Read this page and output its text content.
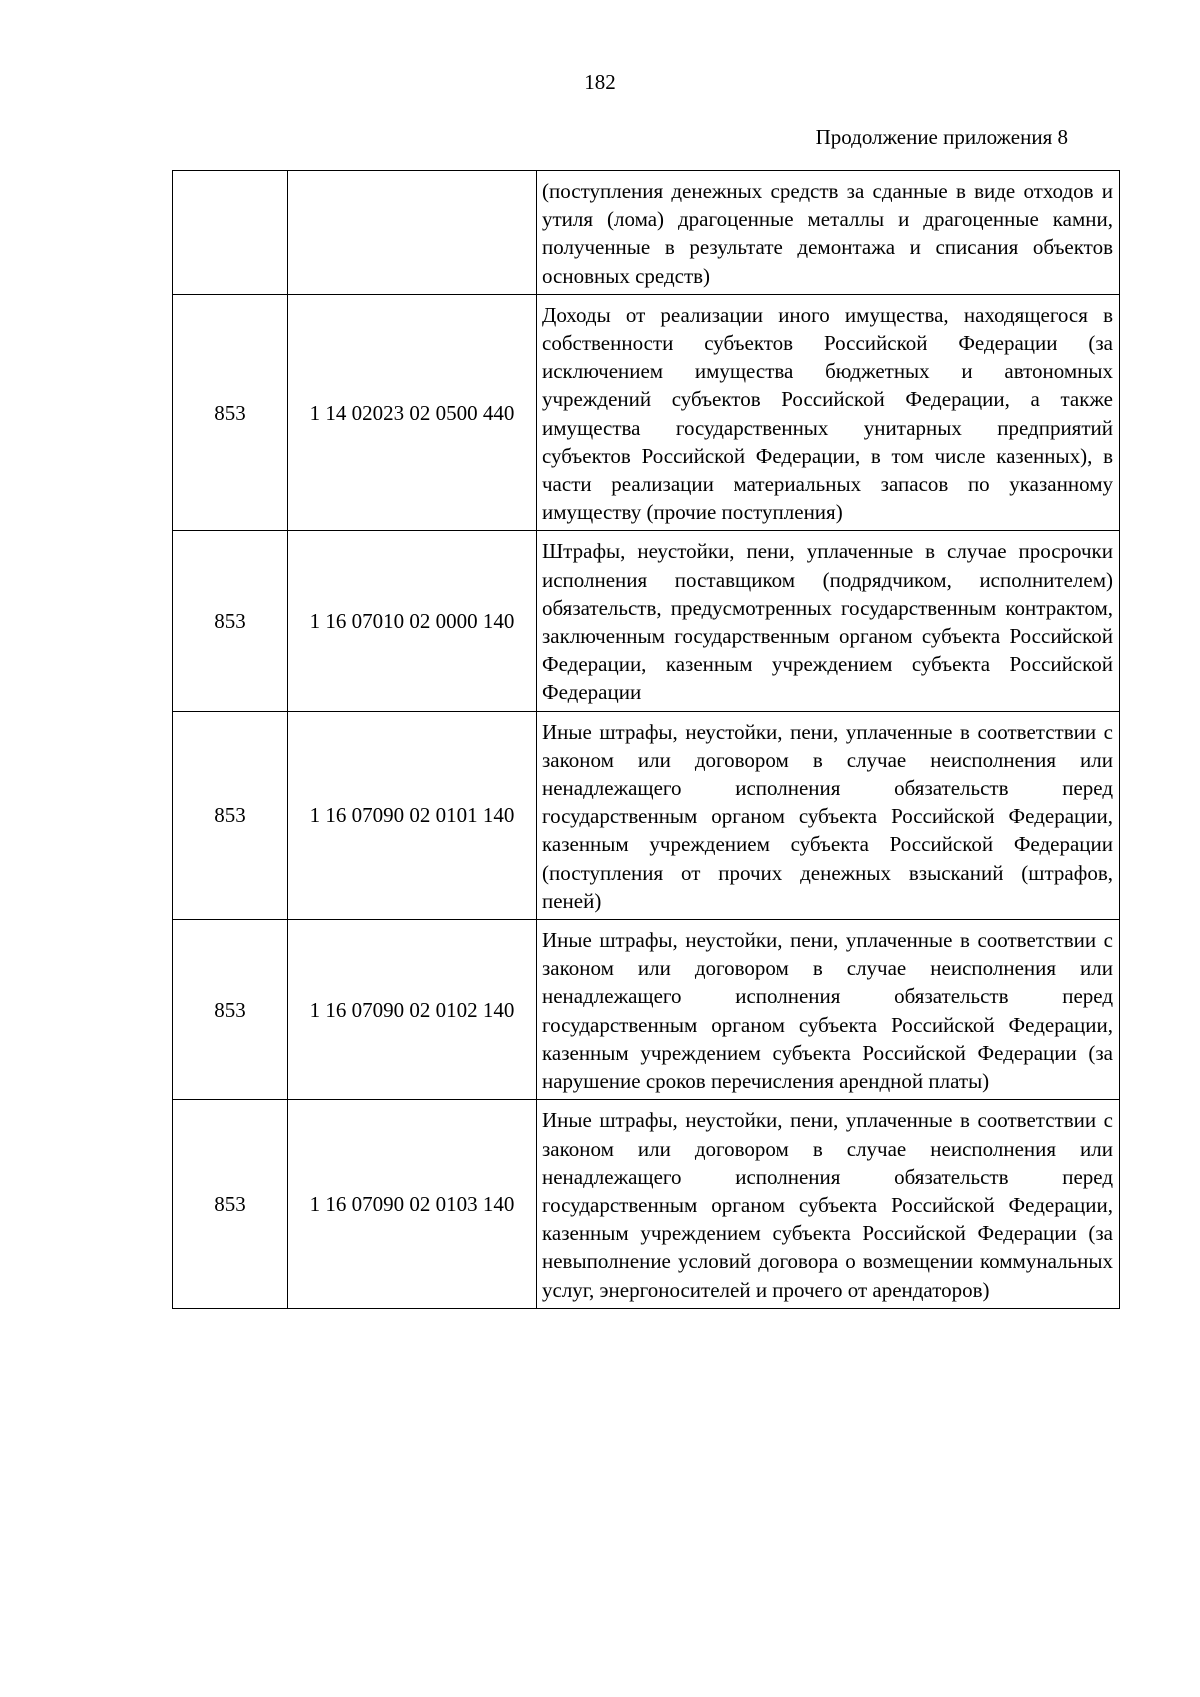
182
Продолжение приложения 8
		(поступления денежных средств за сданные в виде отходов и утиля (лома) драгоценные металлы и драгоценные камни, полученные в результате демонтажа и списания объектов основных средств)
853	1 14 02023 02 0500 440	Доходы от реализации иного имущества, находящегося в собственности субъектов Российской Федерации (за исключением имущества бюджетных и автономных учреждений субъектов Российской Федерации, а также имущества государственных унитарных предприятий субъектов Российской Федерации, в том числе казенных), в части реализации материальных запасов по указанному имуществу (прочие поступления)
853	1 16 07010 02 0000 140	Штрафы, неустойки, пени, уплаченные в случае просрочки исполнения поставщиком (подрядчиком, исполнителем) обязательств, предусмотренных государственным контрактом, заключенным государственным органом субъекта Российской Федерации, казенным учреждением субъекта Российской Федерации
853	1 16 07090 02 0101 140	Иные штрафы, неустойки, пени, уплаченные в соответствии с законом или договором в случае неисполнения или ненадлежащего исполнения обязательств перед государственным органом субъекта Российской Федерации, казенным учреждением субъекта Российской Федерации (поступления от прочих денежных взысканий (штрафов, пеней)
853	1 16 07090 02 0102 140	Иные штрафы, неустойки, пени, уплаченные в соответствии с законом или договором в случае неисполнения или ненадлежащего исполнения обязательств перед государственным органом субъекта Российской Федерации, казенным учреждением субъекта Российской Федерации (за нарушение сроков перечисления арендной платы)
853	1 16 07090 02 0103 140	Иные штрафы, неустойки, пени, уплаченные в соответствии с законом или договором в случае неисполнения или ненадлежащего исполнения обязательств перед государственным органом субъекта Российской Федерации, казенным учреждением субъекта Российской Федерации (за невыполнение условий договора о возмещении коммунальных услуг, энергоносителей и прочего от арендаторов)
